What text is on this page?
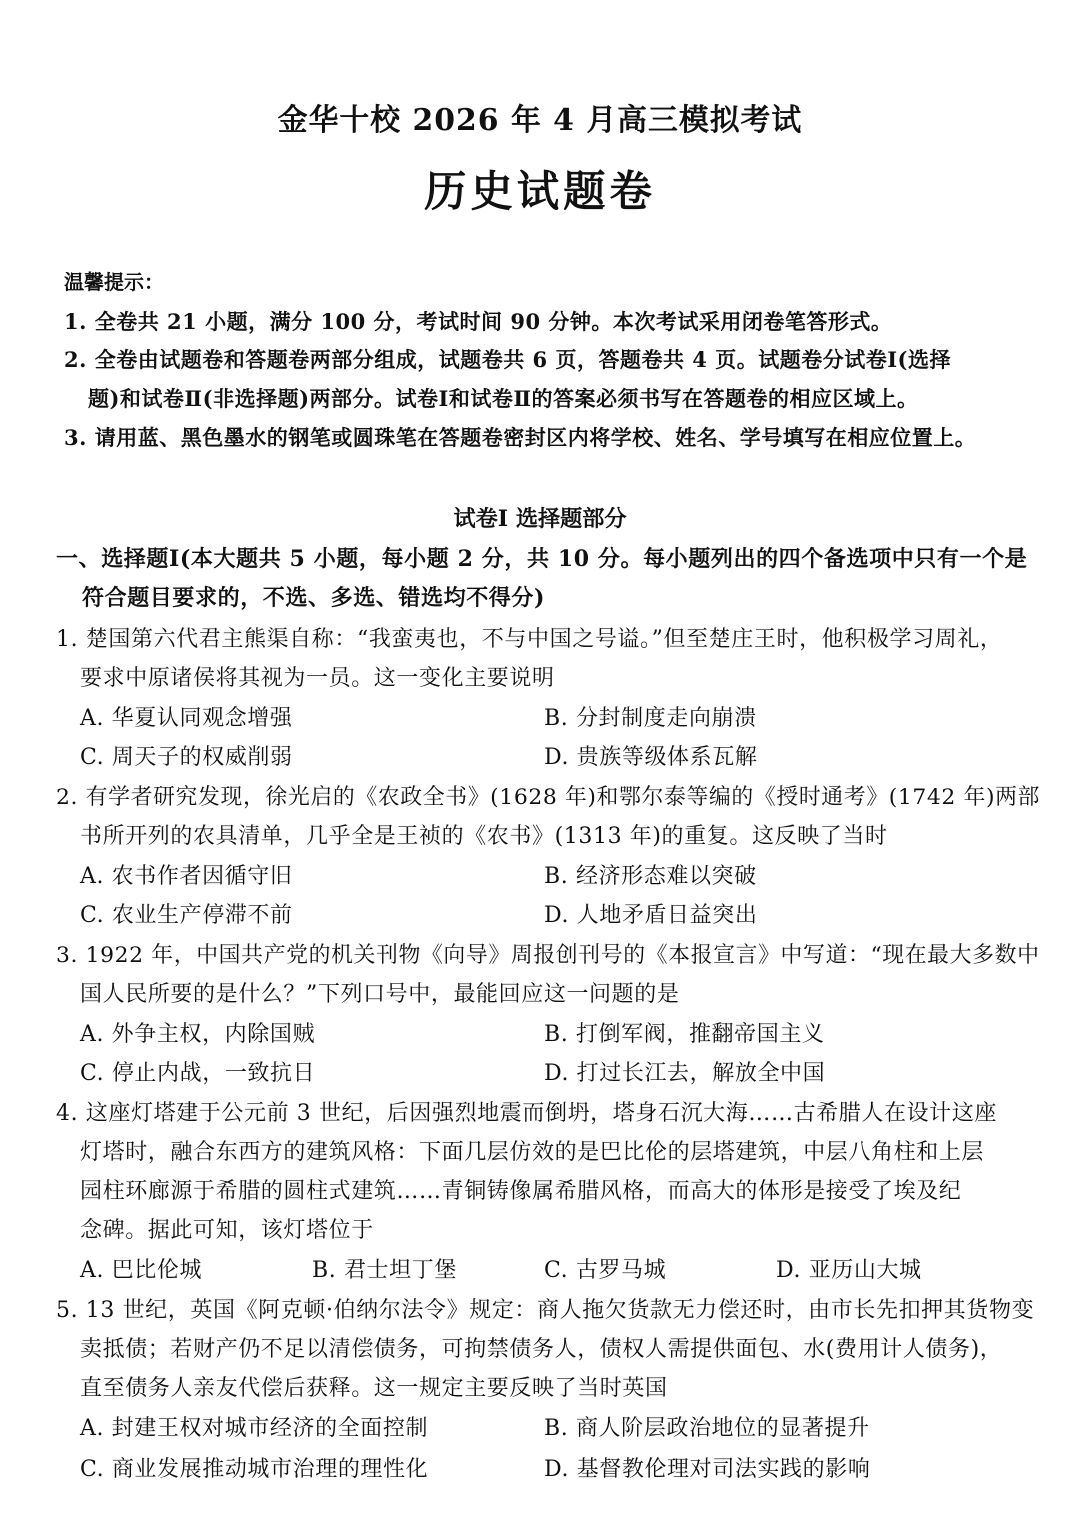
金华十校 2026 年 4 月高三模拟考试
历史试题卷
温馨提示：
1. 全卷共 21 小题，满分 100 分，考试时间 90 分钟。本次考试采用闭卷笔答形式。
2. 全卷由试题卷和答题卷两部分组成，试题卷共 6 页，答题卷共 4 页。试题卷分试卷Ⅰ(选择
题)和试卷Ⅱ(非选择题)两部分。试卷Ⅰ和试卷Ⅱ的答案必须书写在答题卷的相应区域上。
3. 请用蓝、黑色墨水的钢笔或圆珠笔在答题卷密封区内将学校、姓名、学号填写在相应位置上。
试卷Ⅰ 选择题部分
一、选择题Ⅰ(本大题共 5 小题，每小题 2 分，共 10 分。每小题列出的四个备选项中只有一个是
符合题目要求的，不选、多选、错选均不得分)
1. 楚国第六代君主熊渠自称：“我蛮夷也，不与中国之号谥。”但至楚庄王时，他积极学习周礼，
要求中原诸侯将其视为一员。这一变化主要说明
A. 华夏认同观念增强	B. 分封制度走向崩溃
C. 周天子的权威削弱	D. 贵族等级体系瓦解
2. 有学者研究发现，徐光启的《农政全书》(1628 年)和鄂尔泰等编的《授时通考》(1742 年)两部
书所开列的农具清单，几乎全是王祯的《农书》(1313 年)的重复。这反映了当时
A. 农书作者因循守旧	B. 经济形态难以突破
C. 农业生产停滞不前	D. 人地矛盾日益突出
3. 1922 年，中国共产党的机关刊物《向导》周报创刊号的《本报宣言》中写道：“现在最大多数中
国人民所要的是什么？”下列口号中，最能回应这一问题的是
A. 外争主权，内除国贼	B. 打倒军阀，推翻帝国主义
C. 停止内战，一致抗日	D. 打过长江去，解放全中国
4. 这座灯塔建于公元前 3 世纪，后因强烈地震而倒坍，塔身石沉大海……古希腊人在设计这座
灯塔时，融合东西方的建筑风格：下面几层仿效的是巴比伦的层塔建筑，中层八角柱和上层
园柱环廊源于希腊的圆柱式建筑……青铜铸像属希腊风格，而高大的体形是接受了埃及纪
念碑。据此可知，该灯塔位于
A. 巴比伦城	B. 君士坦丁堡	C. 古罗马城	D. 亚历山大城
5. 13 世纪，英国《阿克顿·伯纳尔法令》规定：商人拖欠货款无力偿还时，由市长先扣押其货物变
卖抵债；若财产仍不足以清偿债务，可拘禁债务人，债权人需提供面包、水(费用计人债务)，
直至债务人亲友代偿后获释。这一规定主要反映了当时英国
A. 封建王权对城市经济的全面控制	B. 商人阶层政治地位的显著提升
C. 商业发展推动城市治理的理性化	D. 基督教伦理对司法实践的影响
